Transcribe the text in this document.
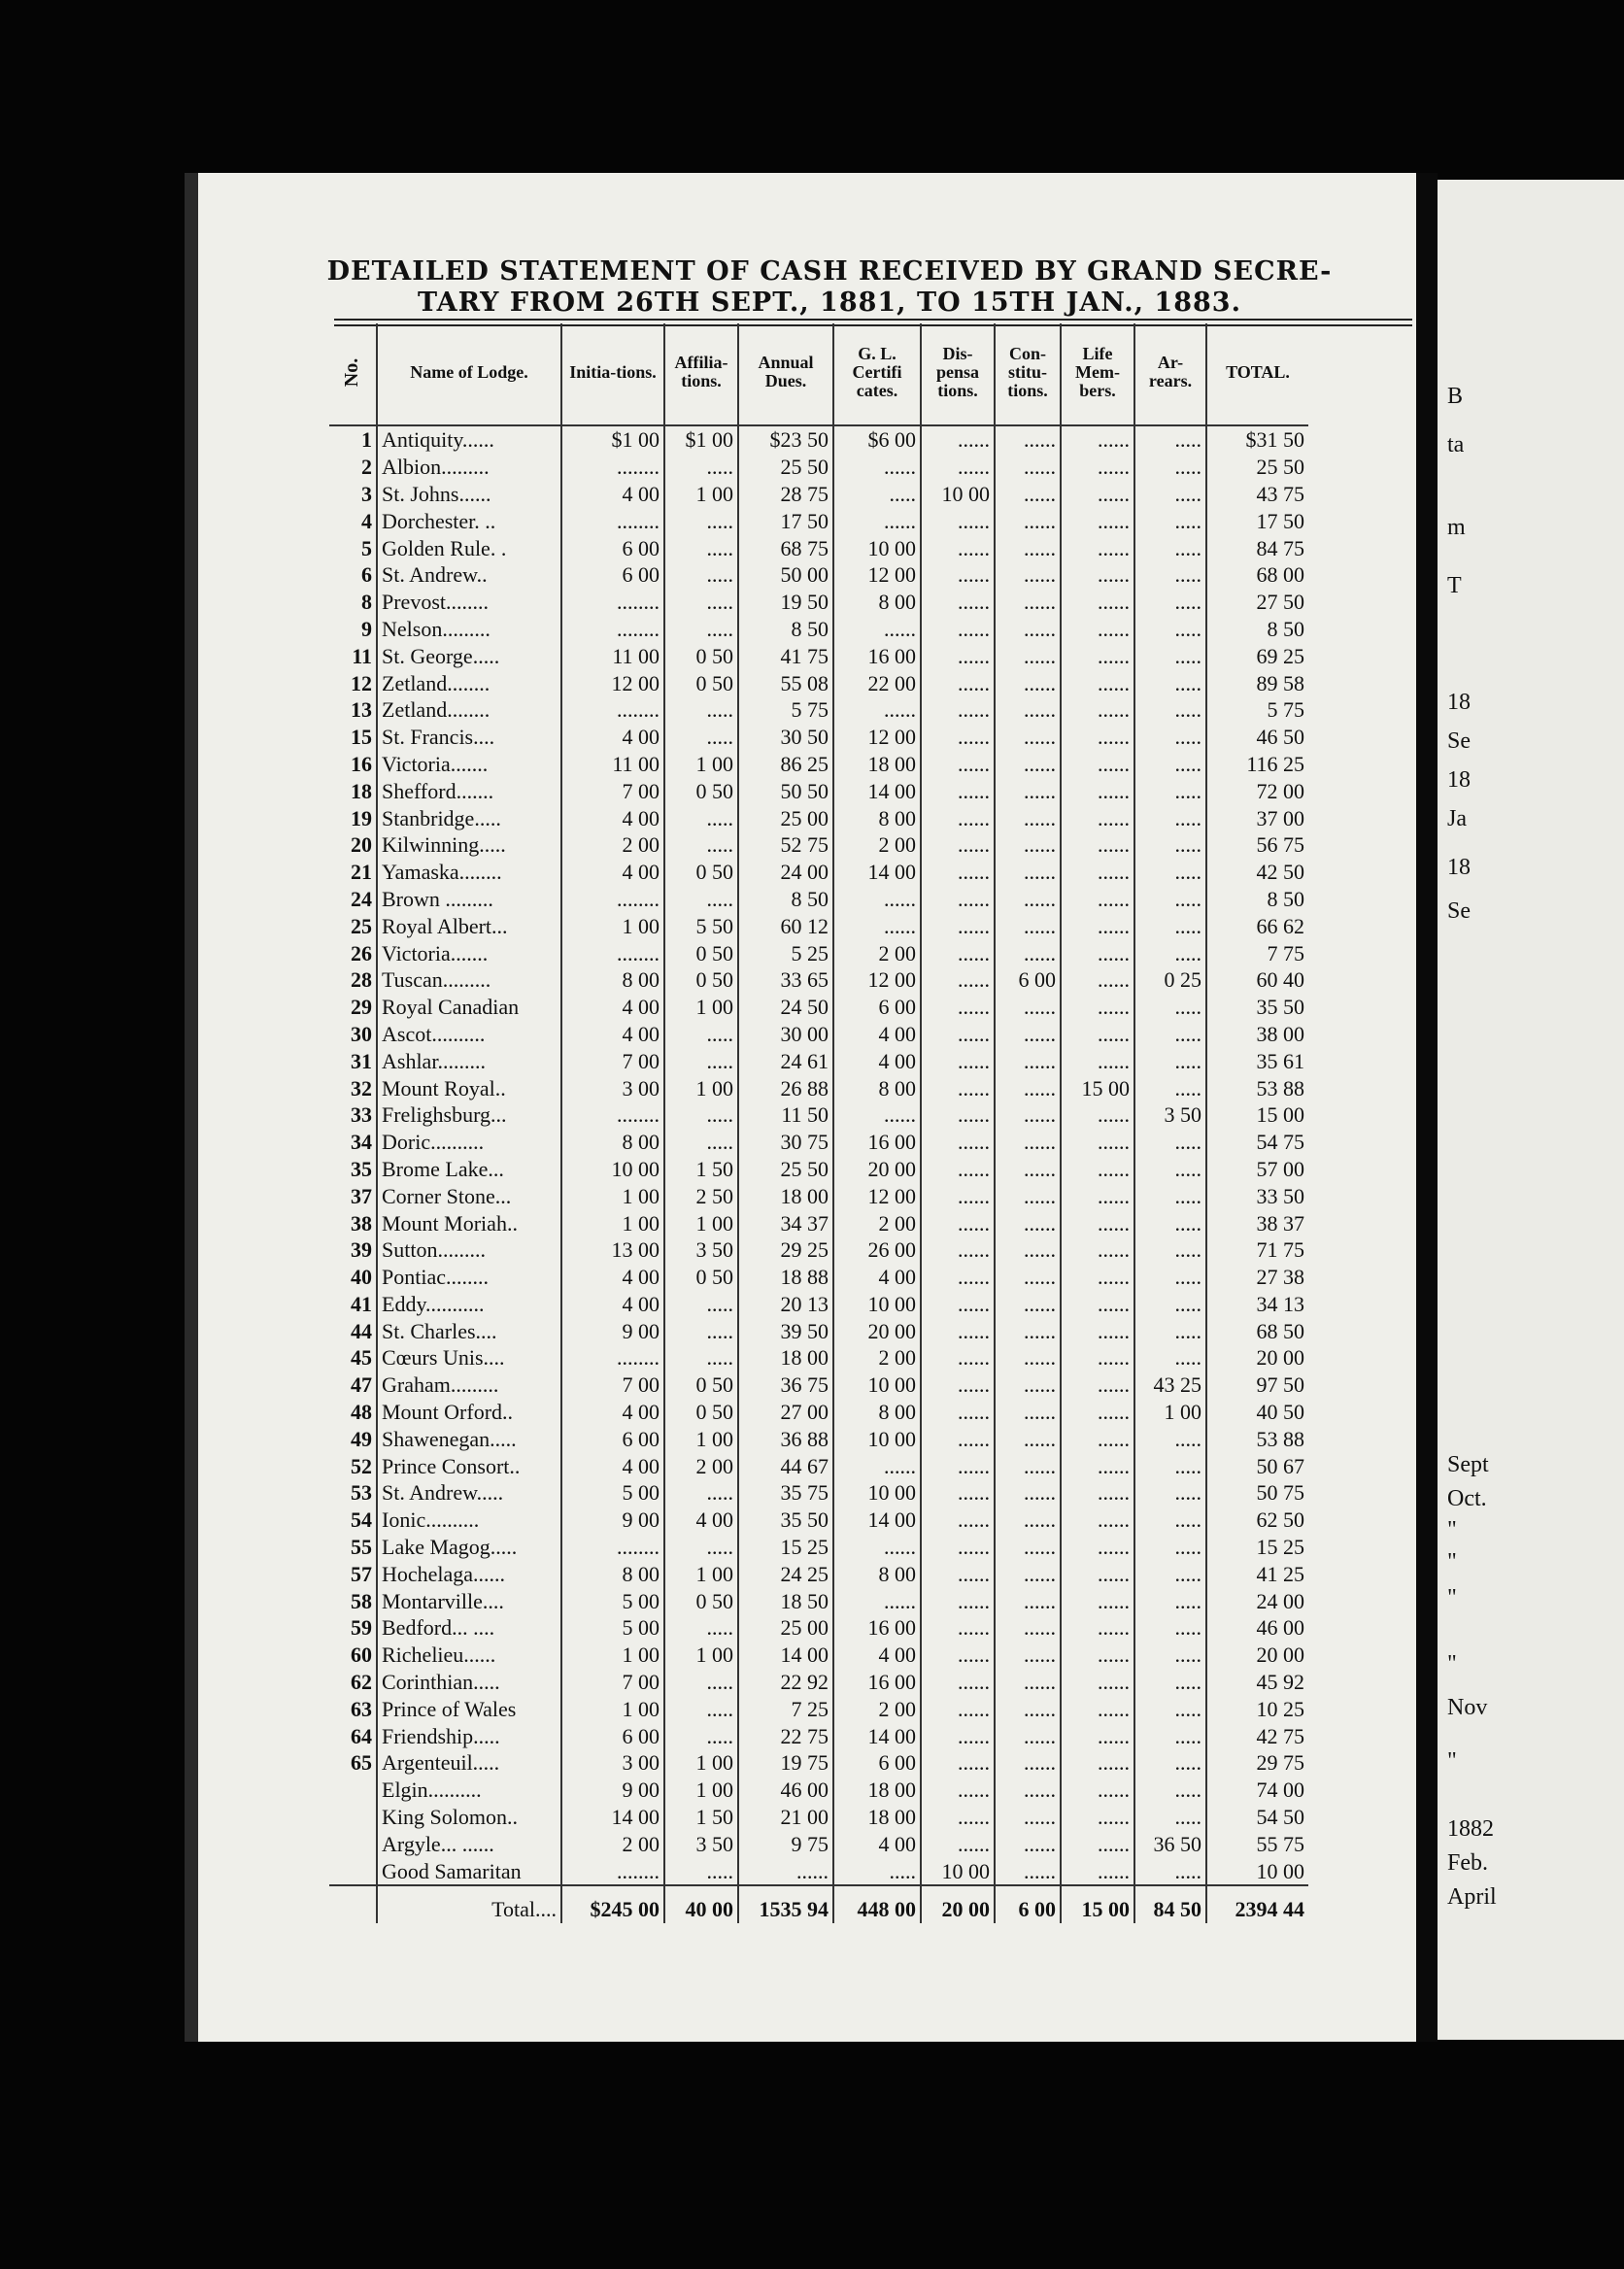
DETAILED STATEMENT OF CASH RECEIVED BY GRAND SECRE-
TARY FROM 26TH SEPT., 1881, TO 15TH JAN., 1883.
No.	Name of Lodge.	Initia-tions.	Affilia-tions.	Annual Dues.	G. L. Certifi cates.	Dis-pensa tions.	Con-stitu-tions.	Life Mem-bers.	Ar-rears.	TOTAL.
1	Antiquity......	$1 00	$1 00	$23 50	$6 00	......	......	......	.....	$31 50
2	Albion.........	........	.....	25 50	......	......	......	......	.....	25 50
3	St. Johns......	4 00	1 00	28 75	.....	10 00	......	......	.....	43 75
4	Dorchester. ..	........	.....	17 50	......	......	......	......	.....	17 50
5	Golden Rule. .	6 00	.....	68 75	10 00	......	......	......	.....	84 75
6	St. Andrew..	6 00	.....	50 00	12 00	......	......	......	.....	68 00
8	Prevost........	........	.....	19 50	8 00	......	......	......	.....	27 50
9	Nelson.........	........	.....	8 50	......	......	......	......	.....	8 50
11	St. George.....	11 00	0 50	41 75	16 00	......	......	......	.....	69 25
12	Zetland........	12 00	0 50	55 08	22 00	......	......	......	.....	89 58
13	Zetland........	........	.....	5 75	......	......	......	......	.....	5 75
15	St. Francis....	4 00	.....	30 50	12 00	......	......	......	.....	46 50
16	Victoria.......	11 00	1 00	86 25	18 00	......	......	......	.....	116 25
18	Shefford.......	7 00	0 50	50 50	14 00	......	......	......	.....	72 00
19	Stanbridge.....	4 00	.....	25 00	8 00	......	......	......	.....	37 00
20	Kilwinning.....	2 00	.....	52 75	2 00	......	......	......	.....	56 75
21	Yamaska........	4 00	0 50	24 00	14 00	......	......	......	.....	42 50
24	Brown .........	........	.....	8 50	......	......	......	......	.....	8 50
25	Royal Albert...	1 00	5 50	60 12	......	......	......	......	.....	66 62
26	Victoria.......	........	0 50	5 25	2 00	......	......	......	.....	7 75
28	Tuscan.........	8 00	0 50	33 65	12 00	......	6 00	......	0 25	60 40
29	Royal Canadian	4 00	1 00	24 50	6 00	......	......	......	.....	35 50
30	Ascot..........	4 00	.....	30 00	4 00	......	......	......	.....	38 00
31	Ashlar.........	7 00	.....	24 61	4 00	......	......	......	.....	35 61
32	Mount Royal..	3 00	1 00	26 88	8 00	......	......	15 00	.....	53 88
33	Frelighsburg...	........	.....	11 50	......	......	......	......	3 50	15 00
34	Doric..........	8 00	.....	30 75	16 00	......	......	......	.....	54 75
35	Brome Lake...	10 00	1 50	25 50	20 00	......	......	......	.....	57 00
37	Corner Stone...	1 00	2 50	18 00	12 00	......	......	......	.....	33 50
38	Mount Moriah..	1 00	1 00	34 37	2 00	......	......	......	.....	38 37
39	Sutton.........	13 00	3 50	29 25	26 00	......	......	......	.....	71 75
40	Pontiac........	4 00	0 50	18 88	4 00	......	......	......	.....	27 38
41	Eddy...........	4 00	.....	20 13	10 00	......	......	......	.....	34 13
44	St. Charles....	9 00	.....	39 50	20 00	......	......	......	.....	68 50
45	Cœurs Unis....	........	.....	18 00	2 00	......	......	......	.....	20 00
47	Graham.........	7 00	0 50	36 75	10 00	......	......	......	43 25	97 50
48	Mount Orford..	4 00	0 50	27 00	8 00	......	......	......	1 00	40 50
49	Shawenegan.....	6 00	1 00	36 88	10 00	......	......	......	.....	53 88
52	Prince Consort..	4 00	2 00	44 67	......	......	......	......	.....	50 67
53	St. Andrew.....	5 00	.....	35 75	10 00	......	......	......	.....	50 75
54	Ionic..........	9 00	4 00	35 50	14 00	......	......	......	.....	62 50
55	Lake Magog.....	........	.....	15 25	......	......	......	......	.....	15 25
57	Hochelaga......	8 00	1 00	24 25	8 00	......	......	......	.....	41 25
58	Montarville....	5 00	0 50	18 50	......	......	......	......	.....	24 00
59	Bedford... ....	5 00	.....	25 00	16 00	......	......	......	.....	46 00
60	Richelieu......	1 00	1 00	14 00	4 00	......	......	......	.....	20 00
62	Corinthian.....	7 00	.....	22 92	16 00	......	......	......	.....	45 92
63	Prince of Wales	1 00	.....	7 25	2 00	......	......	......	.....	10 25
64	Friendship.....	6 00	.....	22 75	14 00	......	......	......	.....	42 75
65	Argenteuil.....	3 00	1 00	19 75	6 00	......	......	......	.....	29 75
	Elgin..........	9 00	1 00	46 00	18 00	......	......	......	.....	74 00
	King Solomon..	14 00	1 50	21 00	18 00	......	......	......	.....	54 50
	Argyle... ......	2 00	3 50	9 75	4 00	......	......	......	36 50	55 75
	Good Samaritan	........	.....	......	.....	10 00	......	......	.....	10 00
	Total....	$245 00	40 00	1535 94	448 00	20 00	6 00	15 00	84 50	2394 44
B
ta
m
T
18
Se
18
Ja
18
Se
Sept
Oct.
"
"
"
"
Nov
"
1882
Feb.
April
